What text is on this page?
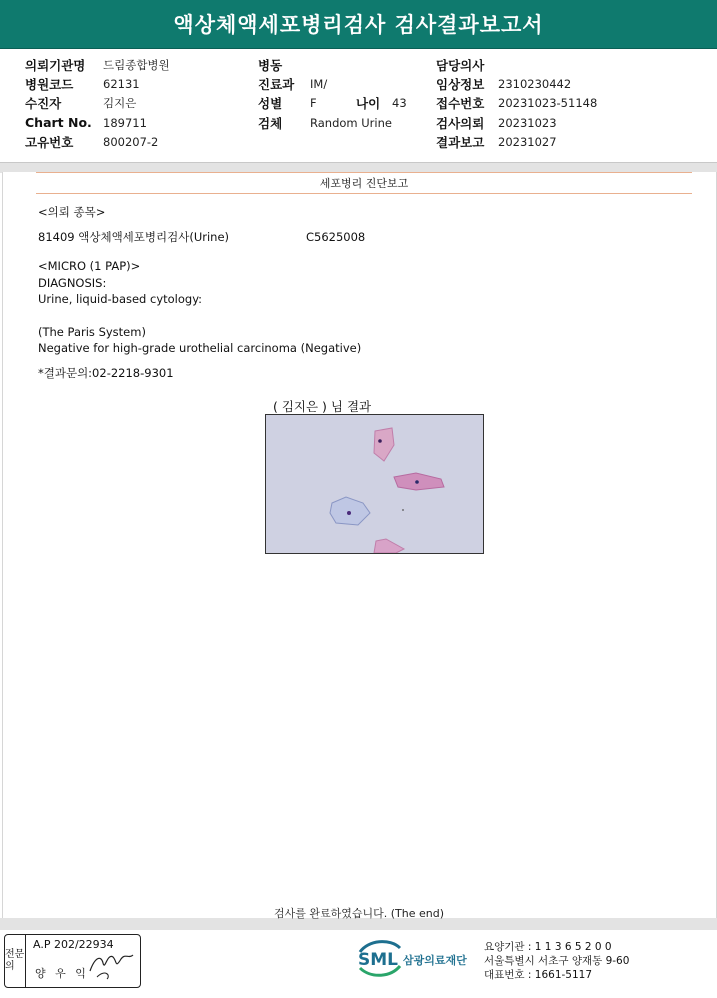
액상체액세포병리검사 검사결과보고서
의뢰기관명	드림종합병원
병원코드	62131
수진자	김지은
Chart No. 189711
고유번호	800207-2
병동
진료과	IM/
성별	F	나이	43
검체	Random Urine
담당의사
임상정보	2310230442
접수번호	20231023-51148
검사의뢰	20231023
결과보고	20231027
세포병리 진단보고
<의뢰 종목>
81409 액상체액세포병리검사(Urine)	C5625008
<MICRO (1 PAP)>
DIAGNOSIS:
Urine, liquid-based cytology:
(The Paris System)
Negative for high-grade urothelial carcinoma (Negative)
*결과문의:02-2218-9301
( 김지은 ) 님 결과
검사를 완료하였습니다. (The end)
전문의
A.P 202/22934
양 우 익
SML 삼광의료재단
요양기관 : 1 1 3 6 5 2 0 0
서울특별시 서초구 양재동 9-60
대표번호 : 1661-5117
